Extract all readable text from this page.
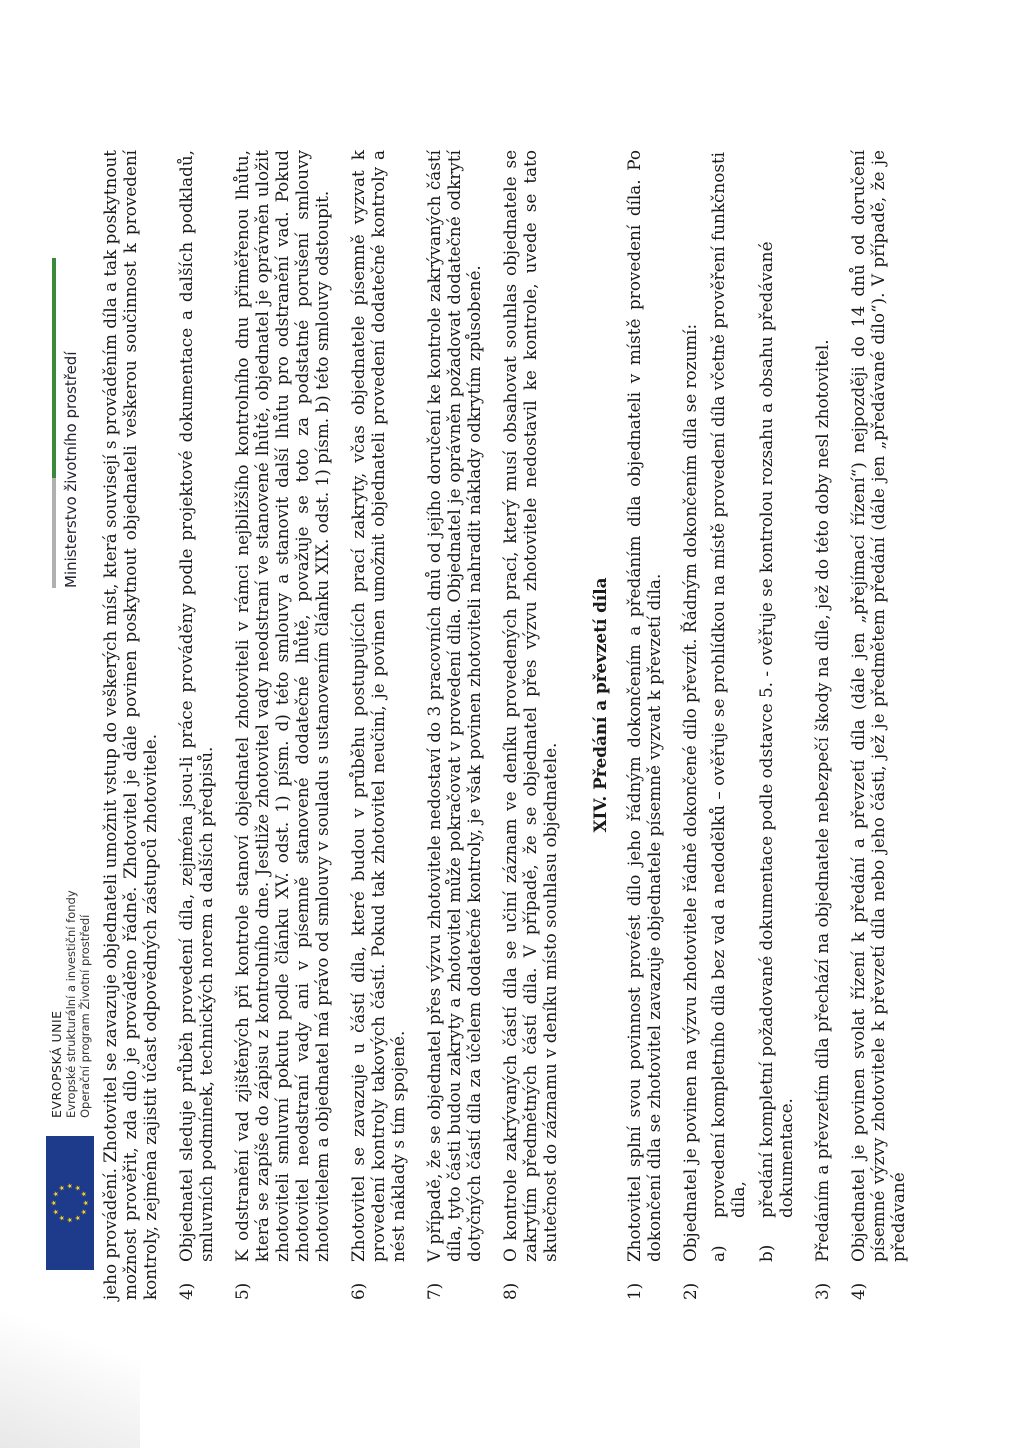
★
★
★ ★ ★
★
★
★
★
★
★
★
EVROPSKÁ UNIE Evropské strukturální a investiční fondy Operační program Životní prostředí
Ministerstvo životního prostředí jeho provádění. Zhotovitel se zavazuje objednateli umožnit vstup do veškerých míst, která souvisejí s prováděním díla a tak poskytnout možnost prověřit, zda dílo je prováděno řádně. Zhotovitel je dále povinen poskytnout objednateli veškerou součinnost k provedení kontroly, zejména zajistit účast odpovědných zástupců zhotovitele. 4)
Objednatel sleduje průběh provedení díla, zejména jsou-li práce prováděny podle projektové dokumentace a dalších podkladů, smluvních podmínek, technických norem a dalších předpisů.
5)
K odstranění vad zjištěných při kontrole stanoví objednatel zhotoviteli v rámci nejbližšího kontrolního dnu přiměřenou lhůtu, která se zapíše do zápisu z kontrolního dne. Jestliže zhotovitel vady neodstraní ve stanovené lhůtě, objednatel je oprávněn uložit zhotoviteli smluvní pokutu podle článku XV. odst. 1) písm. d) této smlouvy a stanovit další lhůtu pro odstranění vad. Pokud zhotovitel neodstraní vady ani v písemně stanovené dodatečné lhůtě, považuje se toto za podstatné porušení smlouvy zhotovitelem a objednatel má právo od smlouvy v souladu s ustanovením článku XIX. odst. 1) písm. b) této smlouvy odstoupit.
6)
Zhotovitel se zavazuje u částí díla, které budou v průběhu postupujících prací zakryty, včas objednatele písemně vyzvat k provedení kontroly takových částí. Pokud tak zhotovitel neučiní, je povinen umožnit objednateli provedení dodatečné kontroly a nést náklady s tím spojené.
7)
V případě, že se objednatel přes výzvu zhotovitele nedostaví do 3 pracovních dnů od jejího doručení ke kontrole zakrývaných částí díla, tyto části budou zakryty a zhotovitel může pokračovat v provedení díla. Objednatel je oprávněn požadovat dodatečné odkrytí dotyčných částí díla za účelem dodatečné kontroly, je však povinen zhotoviteli nahradit náklady odkrytím způsobené.
8)
O kontrole zakrývaných částí díla se učiní záznam ve deníku provedených prací, který musí obsahovat souhlas objednatele se zakrytím předmětných částí díla. V případě, že se objednatel přes výzvu zhotovitele nedostavil ke kontrole, uvede se tato skutečnost do záznamu v deníku místo souhlasu objednatele.
XIV. Předání a převzetí díla
1)
Zhotovitel splní svou povinnost provést dílo jeho řádným dokončením a předáním díla objednateli v místě provedení díla. Po dokončení díla se zhotovitel zavazuje objednatele písemně vyzvat k převzetí díla.
2)
Objednatel je povinen na výzvu zhotovitele řádně dokončené dílo převzít. Řádným dokončením díla se rozumí: a)
provedení kompletního díla bez vad a nedodělků – ověřuje se prohlídkou na místě provedení díla včetně prověření funkčnosti díla,
b)
předání kompletní požadované dokumentace podle odstavce 5. - ověřuje se kontrolou rozsahu a obsahu předávané dokumentace.
3)
Předáním a převzetím díla přechází na objednatele nebezpečí škody na díle, jež do této doby nesl zhotovitel.
4)
Objednatel je povinen svolat řízení k předání a převzetí díla (dále jen „přejímací řízení“) nejpozději do 14 dnů od doručení písemné výzvy zhotovitele k převzetí díla nebo jeho části, jež je předmětem předání (dále jen „předávané dílo“). V případě, že je předávané
